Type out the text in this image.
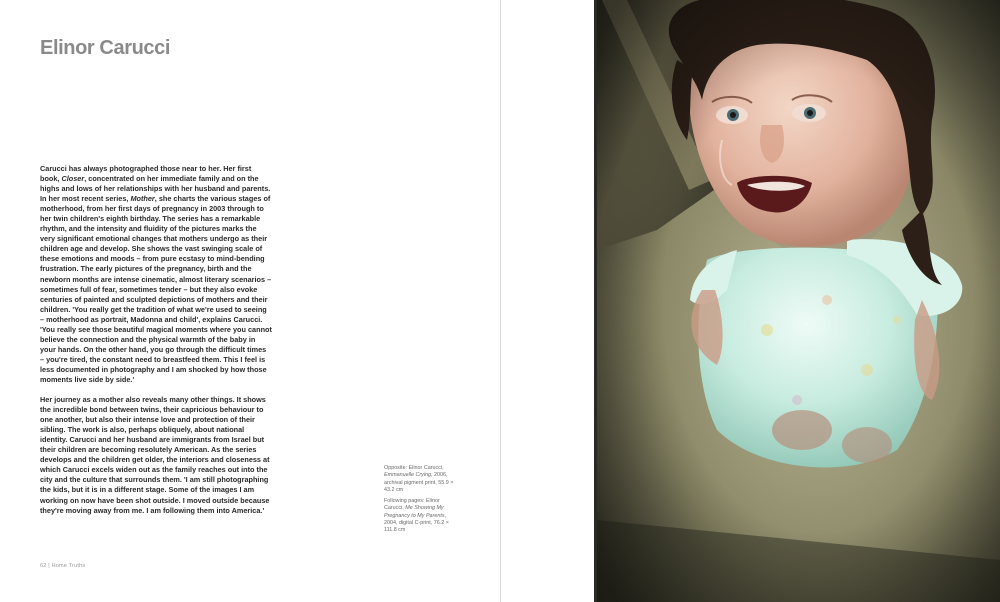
Elinor Carucci

Carucci has always photographed those near to her. Her first book, Closer, concentrated on her immediate family and on the highs and lows of her relationships with her husband and parents. In her most recent series, Mother, she charts the various stages of motherhood, from her first days of pregnancy in 2003 through to her twin children's eighth birthday. The series has a remarkable rhythm, and the intensity and fluidity of the pictures marks the very significant emotional changes that mothers undergo as their children age and develop. She shows the vast swinging scale of these emotions and moods – from pure ecstasy to mind-bending frustration. The early pictures of the pregnancy, birth and the newborn months are intense cinematic, almost literary scenarios – sometimes full of fear, sometimes tender – but they also evoke centuries of painted and sculpted depictions of mothers and their children. 'You really get the tradition of what we're used to seeing – motherhood as portrait, Madonna and child', explains Carucci. 'You really see those beautiful magical moments where you cannot believe the connection and the physical warmth of the baby in your hands. On the other hand, you go through the difficult times – you're tired, the constant need to breastfeed them. This I feel is less documented in photography and I am shocked by how those moments live side by side.'

Her journey as a mother also reveals many other things. It shows the incredible bond between twins, their capricious behaviour to one another, but also their intense love and protection of their sibling. The work is also, perhaps obliquely, about national identity. Carucci and her husband are immigrants from Israel but their children are becoming resolutely American. As the series develops and the children get older, the interiors and closeness at which Carucci excels widen out as the family reaches out into the city and the culture that surrounds them. 'I am still photographing the kids, but it is in a different stage. Some of the images I am working on now have been shot outside. I moved outside because they're moving away from me. I am following them into America.'

Opposite: Elinor Carucci,
Emmanuelle Crying, 2006, archival pigment print, 55.9 × 43.2 cm

Following pages: Elinor Carucci, Me Showing My Pregnancy to My Parents, 2004, digital C-print, 76.2 × 111.8 cm

62 | Home Truths
